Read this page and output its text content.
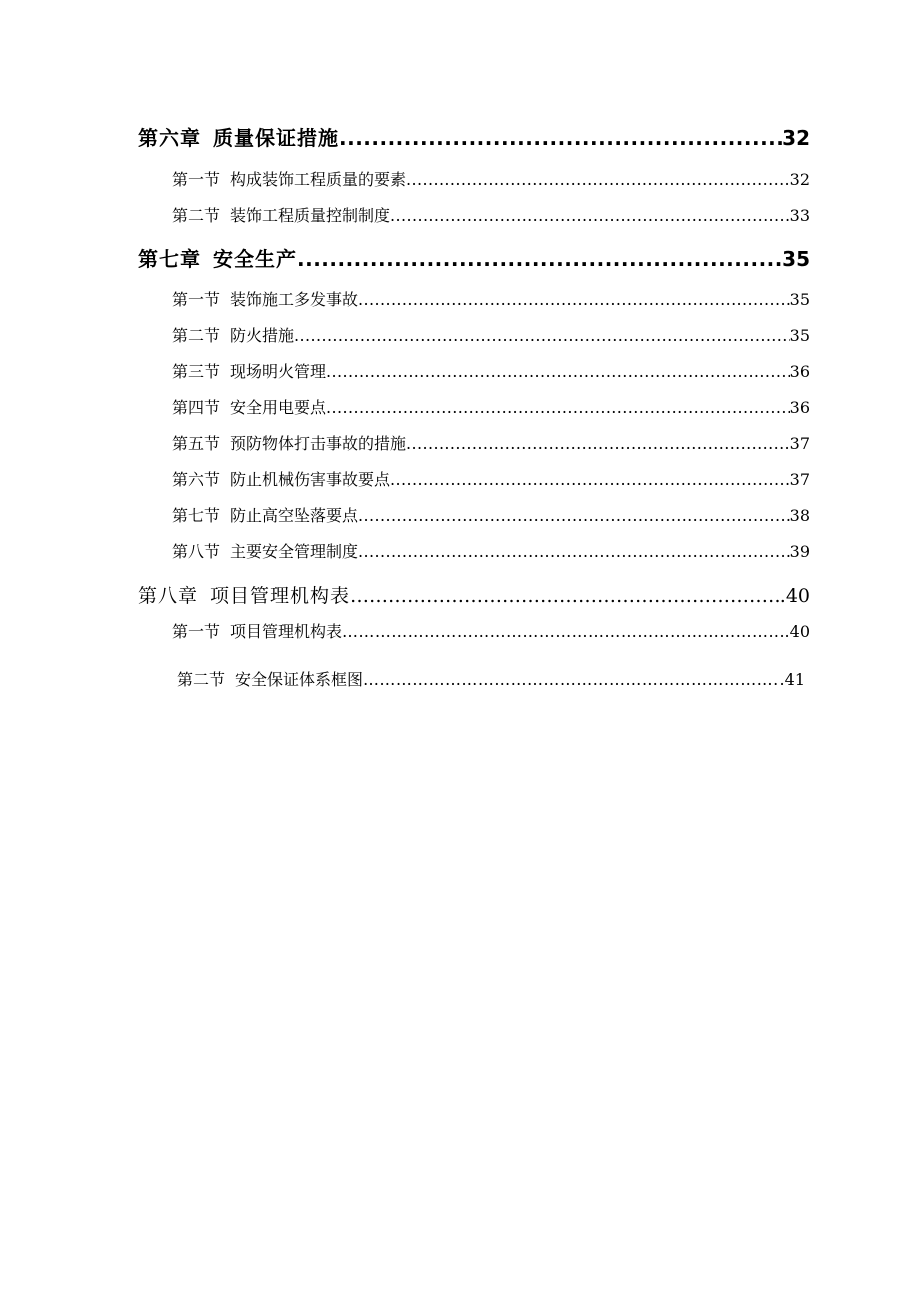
第六章 质量保证措施 .....	32
第一节 构成装饰工程质量的要素 .....	32
第二节 装饰工程质量控制制度 .....	33
第七章 安全生产 .....	35
第一节 装饰施工多发事故 .....	35
第二节 防火措施 .....	35
第三节 现场明火管理 .....	36
第四节 安全用电要点 .....	36
第五节 预防物体打击事故的措施 .....	37
第六节 防止机械伤害事故要点 .....	37
第七节 防止高空坠落要点 .....	38
第八节 主要安全管理制度 .....	39
第八章 项目管理机构表 ……………………………………………………………………………………………………………………………………………………………………………………………………………………………………………………………………………………………………………………………………	.40
第一节 项目管理机构表 ……………………………………………………………………………………………………………………………………………………………………………………………………………………………………………………………………………………………………………………………………	..40
第二节 安全保证体系框图 ……………………………………………………………………………………………………………………………………………………………………………………………………………………………………………………………………………………………………………………………………	.41
